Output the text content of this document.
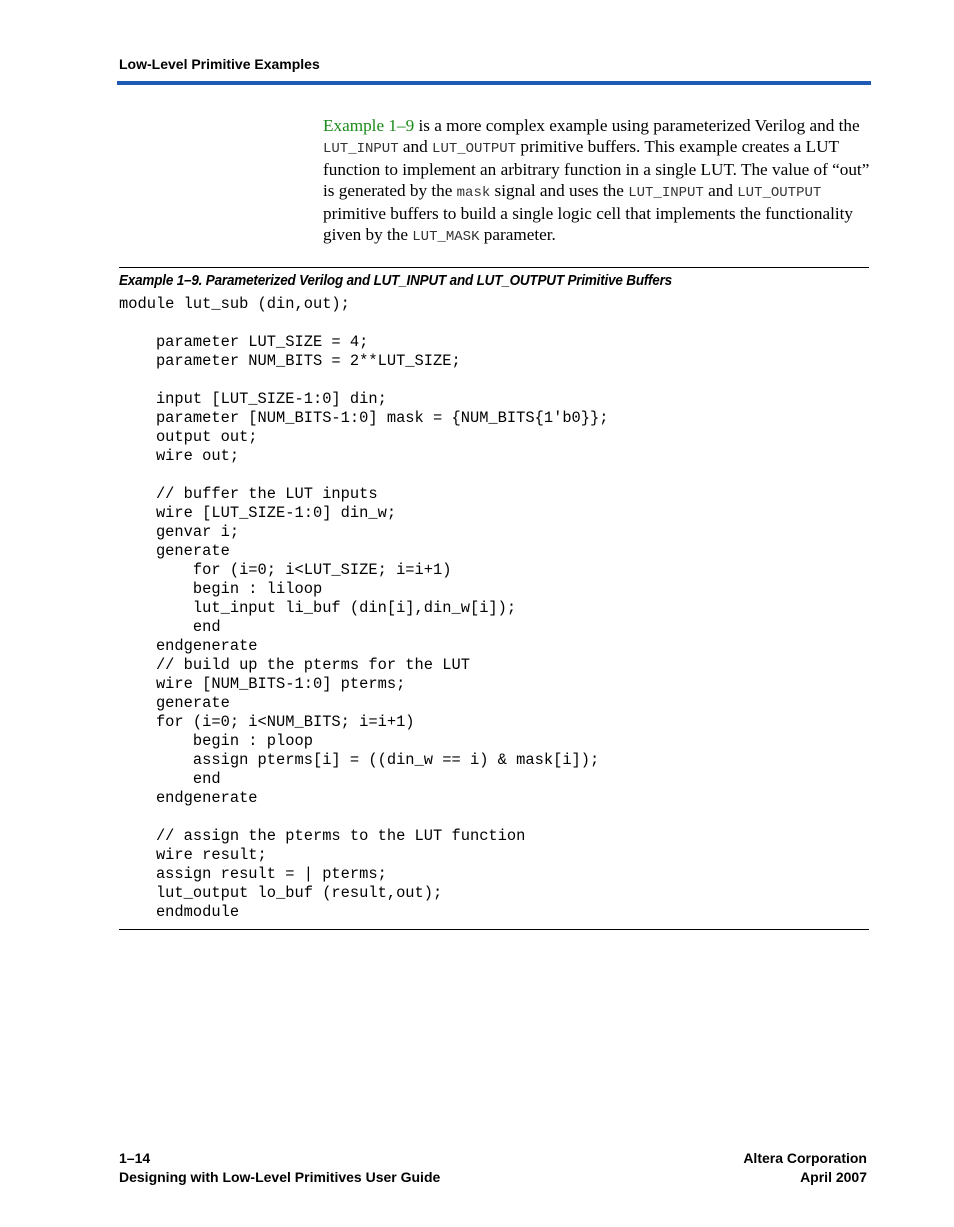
Low-Level Primitive Examples

Example 1–9 is a more complex example using parameterized Verilog and the LUT_INPUT and LUT_OUTPUT primitive buffers. This example creates a LUT function to implement an arbitrary function in a single LUT. The value of “out” is generated by the mask signal and uses the LUT_INPUT and LUT_OUTPUT primitive buffers to build a single logic cell that implements the functionality given by the LUT_MASK parameter.

Example 1–9. Parameterized Verilog and LUT_INPUT and LUT_OUTPUT Primitive Buffers
module lut_sub (din,out);
parameter LUT_SIZE = 4;
parameter NUM_BITS = 2**LUT_SIZE;
input [LUT_SIZE-1:0] din;
parameter [NUM_BITS-1:0] mask = {NUM_BITS{1'b0}};
output out;
wire out;
// buffer the LUT inputs
wire [LUT_SIZE-1:0] din_w;
genvar i;
generate
for (i=0; i<LUT_SIZE; i=i+1)
begin : liloop
lut_input li_buf (din[i],din_w[i]);
end
endgenerate
// build up the pterms for the LUT
wire [NUM_BITS-1:0] pterms;
generate
for (i=0; i<NUM_BITS; i=i+1)
begin : ploop
assign pterms[i] = ((din_w == i) & mask[i]);
end
endgenerate
// assign the pterms to the LUT function
wire result;
assign result = | pterms;
lut_output lo_buf (result,out);
endmodule
1–14
Designing with Low-Level Primitives User Guide
Altera Corporation
April 2007
